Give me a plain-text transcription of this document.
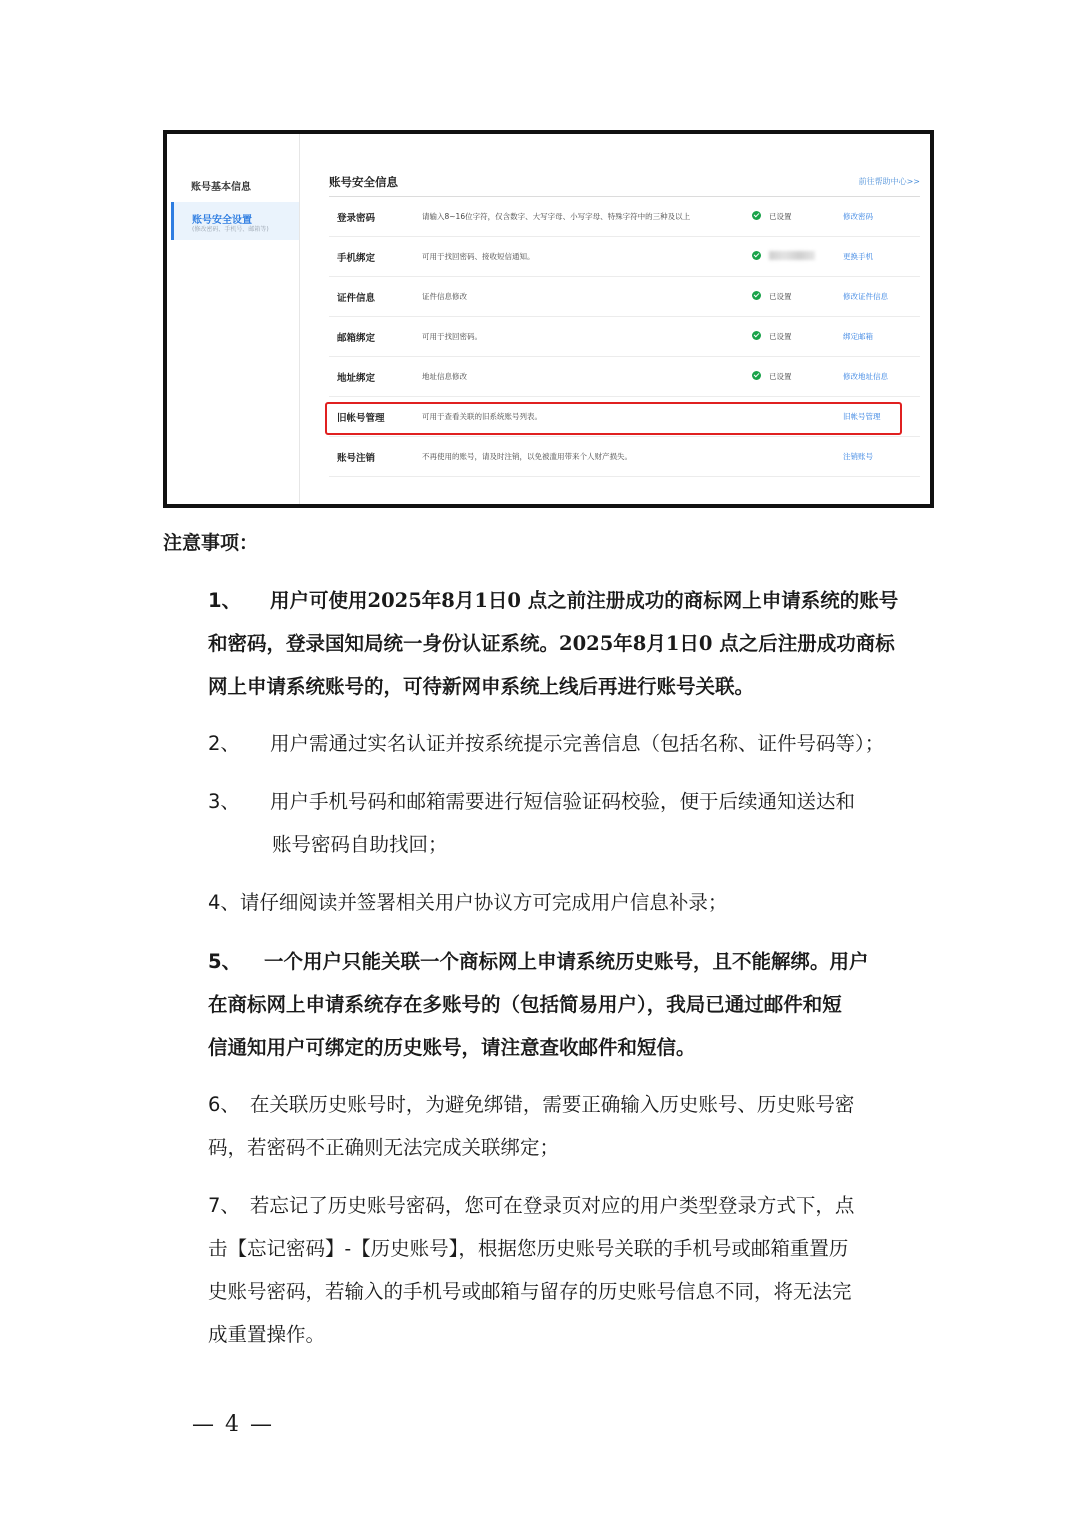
账号基本信息
账号安全设置
(修改密码、手机号、邮箱等)
账号安全信息	前往帮助中心>>
登录密码	请输入8~16位字符，仅含数字、大写字母、小写字母、特殊字符中的三种及以上	已设置	修改密码
手机绑定	可用于找回密码、接收短信通知。	更换手机
证件信息	证件信息修改	已设置	修改证件信息
邮箱绑定	可用于找回密码。	已设置	绑定邮箱
地址绑定	地址信息修改	已设置	修改地址信息
旧帐号管理	可用于查看关联的旧系统账号列表。	旧帐号管理
账号注销	不再使用的账号，请及时注销，以免被滥用带来个人财产损失。	注销账号
注意事项：
1、 用户可使用2025年8月1日0 点之前注册成功的商标网上申请系统的账号
和密码，登录国知局统一身份认证系统。2025年8月1日0 点之后注册成功商标
网上申请系统账号的，可待新网申系统上线后再进行账号关联。
2、 用户需通过实名认证并按系统提示完善信息（包括名称、证件号码等）；
3、 用户手机号码和邮箱需要进行短信验证码校验，便于后续通知送达和
账号密码自助找回；
4、请仔细阅读并签署相关用户协议方可完成用户信息补录；
5、 一个用户只能关联一个商标网上申请系统历史账号，且不能解绑。用户
在商标网上申请系统存在多账号的（包括简易用户），我局已通过邮件和短
信通知用户可绑定的历史账号，请注意查收邮件和短信。
6、 在关联历史账号时，为避免绑错，需要正确输入历史账号、历史账号密
码，若密码不正确则无法完成关联绑定；
7、 若忘记了历史账号密码，您可在登录页对应的用户类型登录方式下，点
击【忘记密码】-【历史账号】，根据您历史账号关联的手机号或邮箱重置历
史账号密码，若输入的手机号或邮箱与留存的历史账号信息不同，将无法完
成重置操作。
— 4 —
